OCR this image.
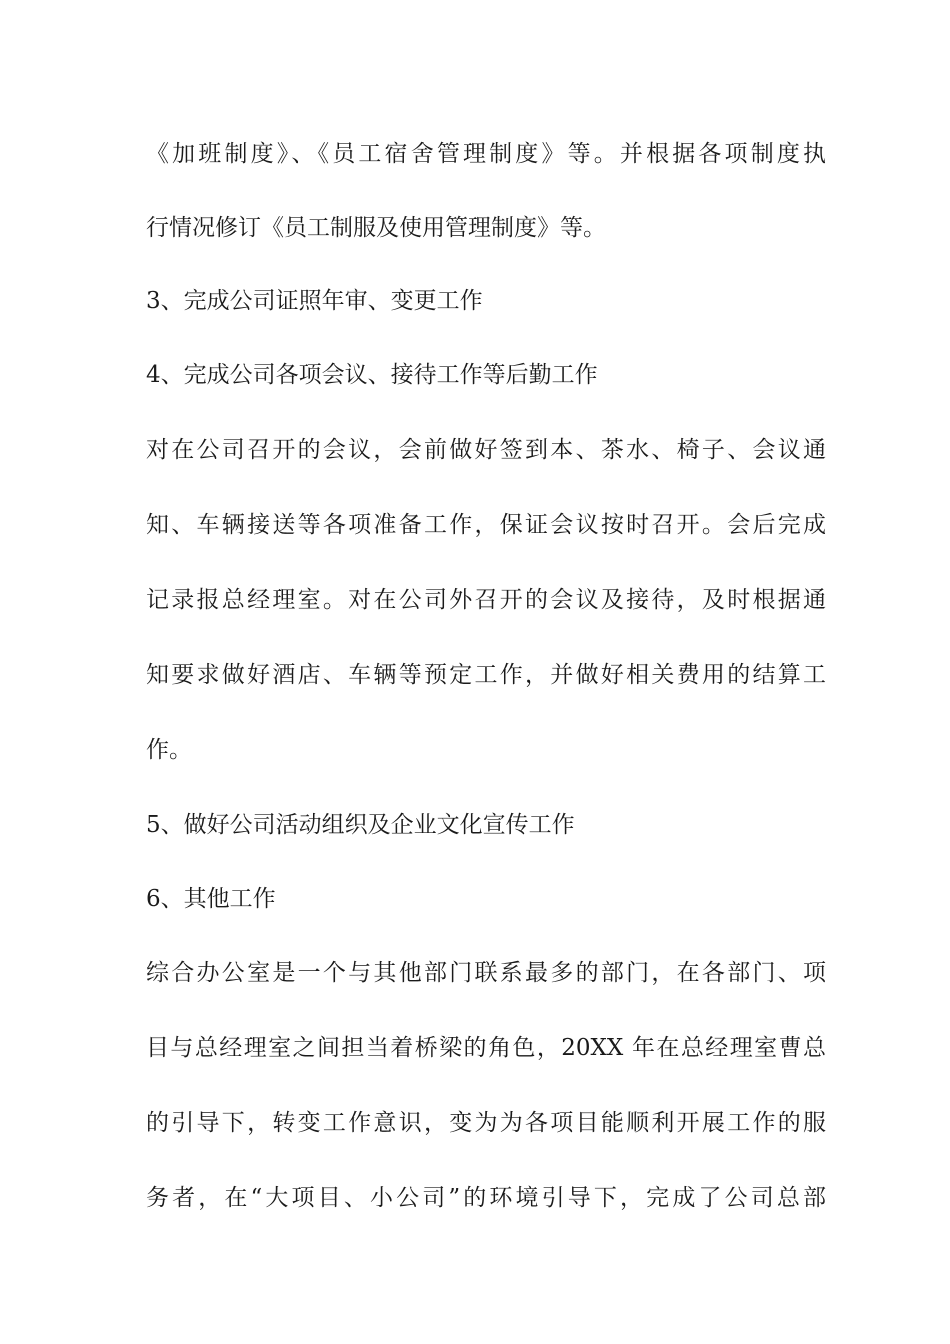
《加班制度》、《员工宿舍管理制度》等。并根据各项制度执

行情况修订《员工制服及使用管理制度》等。

3、完成公司证照年审、变更工作

4、完成公司各项会议、接待工作等后勤工作

对在公司召开的会议，会前做好签到本、茶水、椅子、会议通

知、车辆接送等各项准备工作，保证会议按时召开。会后完成

记录报总经理室。对在公司外召开的会议及接待，及时根据通

知要求做好酒店、车辆等预定工作，并做好相关费用的结算工

作。

5、做好公司活动组织及企业文化宣传工作

6、其他工作

综合办公室是一个与其他部门联系最多的部门，在各部门、项

目与总经理室之间担当着桥梁的角色，20XX 年在总经理室曹总

的引导下，转变工作意识，变为为各项目能顺利开展工作的服

务者，在“大项目、小公司”的环境引导下，完成了公司总部
